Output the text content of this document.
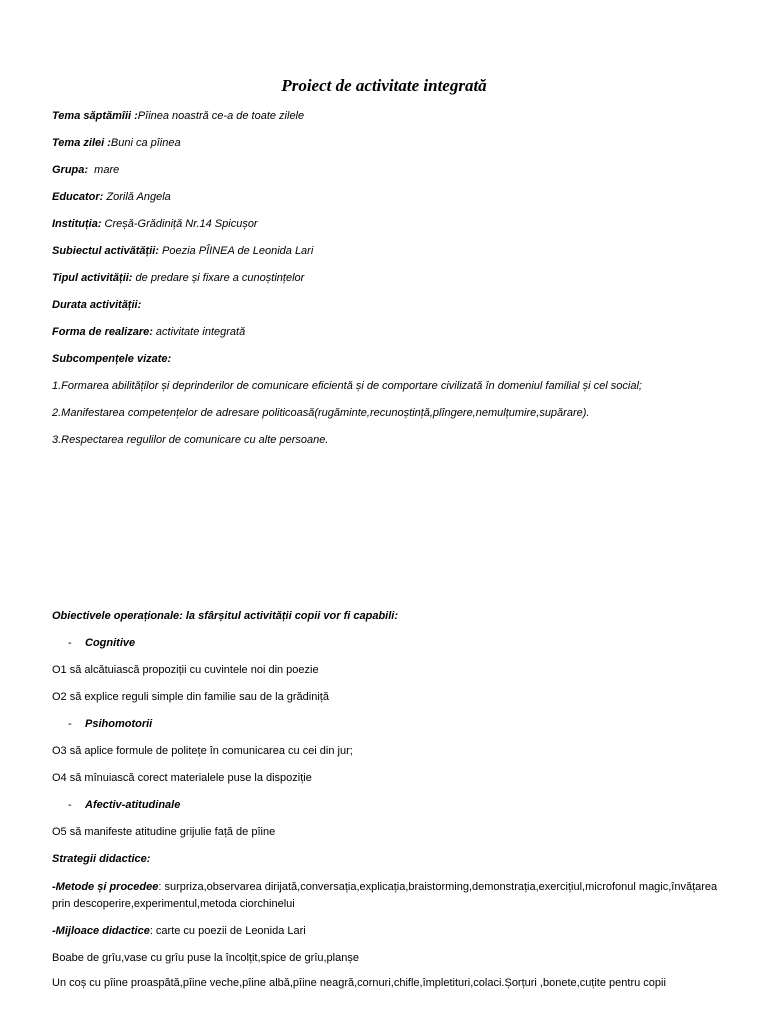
Proiect de activitate integrată
Tema săptămîii :Pîinea noastră ce-a de toate zilele
Tema zilei :Buni ca pîinea
Grupa:  mare
Educator: Zorilă Angela
Instituția: Creșă-Grădiniță Nr.14 Spicușor
Subiectul activătății: Poezia PÎINEA de Leonida Lari
Tipul activității: de predare și fixare a cunoștințelor
Durata activității:
Forma de realizare: activitate integrată
Subcompențele vizate:
1.Formarea abilităților și deprinderilor de comunicare eficientă și de comportare civilizată în domeniul familial și cel social;
2.Manifestarea competențelor de adresare politicoasă(rugăminte,recunoștință,plîngere,nemulțumire,supărare).
3.Respectarea regulilor de comunicare cu alte persoane.
Obiectivele operaționale: la sfârșitul activității copii vor fi capabili:
- Cognitive
O1 să alcătuiască propoziții cu cuvintele noi din poezie
O2 să explice reguli simple din familie sau de la grădiniță
- Psihomotorii
O3 să aplice formule de politețe în comunicarea cu cei din jur;
O4 să mînuiască corect materialele puse la dispoziție
- Afectiv-atitudinale
O5 să manifeste atitudine grijulie față de pîine
Strategii didactice:
-Metode și procedee: surpriza,observarea dirijată,conversația,explicația,braistorming,demonstrația,exercițiul,microfonul magic,învățarea prin descoperire,experimentul,metoda ciorchinelui
-Mijloace didactice: carte cu poezii de Leonida Lari
Boabe de grîu,vase cu grîu puse la încolțit,spice de grîu,planșe
Un coș cu pîine proaspătă,pîine veche,pîine albă,pîine neagră,cornuri,chifle,împletituri,colaci.Șorțuri ,bonete,cuțite pentru copii
